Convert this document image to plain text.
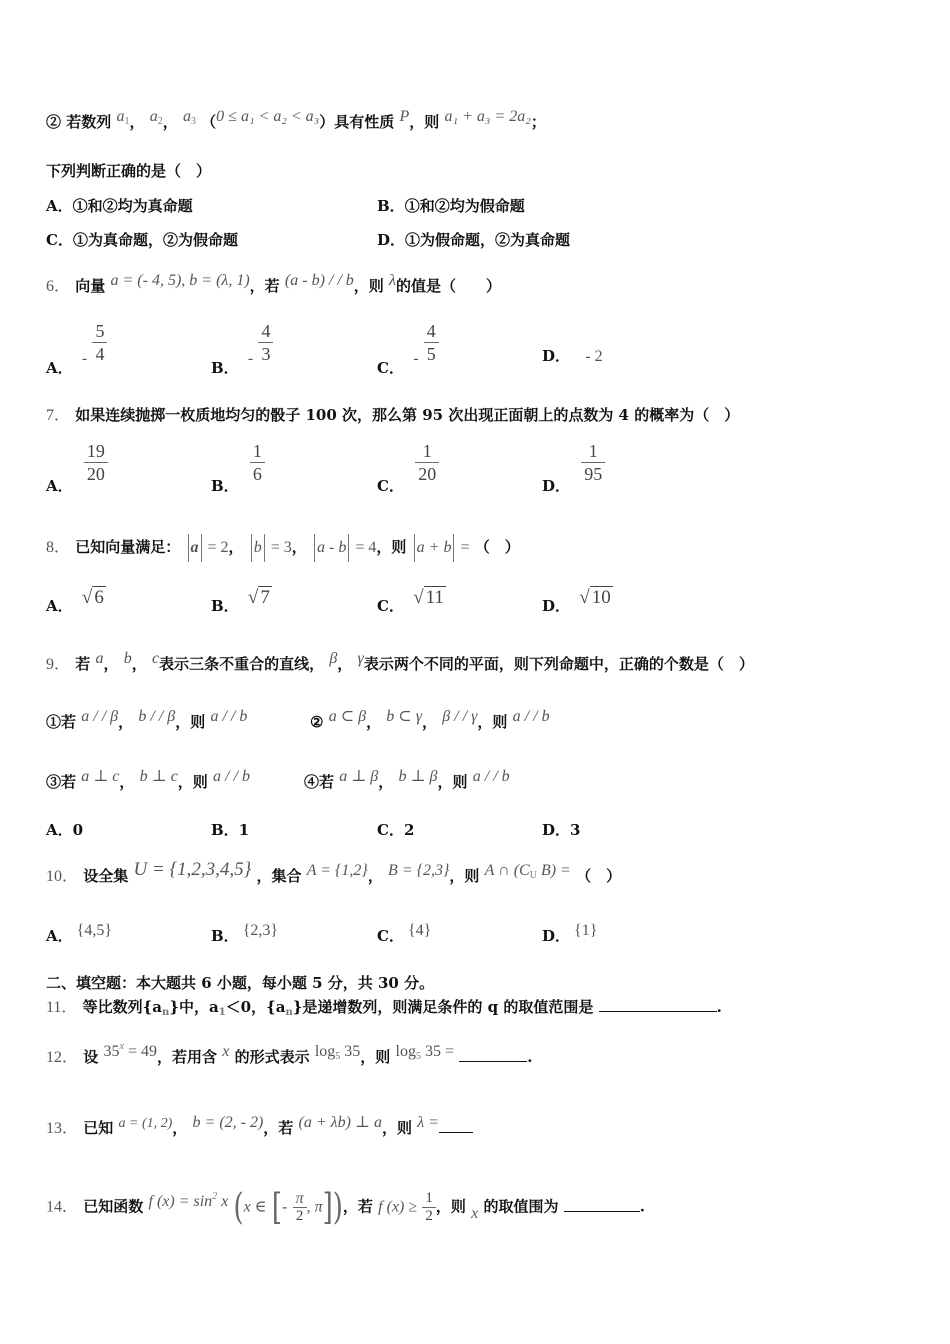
② 若数列 $a_1$， $a_2$， $a_3$ （0 ≤ a₁ < a₂ < a₃）具有性质 P，则 a₁ + a₃ = 2a₂；
下列判断正确的是（　）
A．①和②均为真命题	B．①和②均为假命题
C．①为真命题，②为假命题	D．①为假命题，②为真命题
6． 向量 a = (- 4, 5), b = (λ, 1)，若 (a - b) / / b，则 λ的值是（　　）
A． - $\frac{5}{4}$
B． - $\frac{4}{3}$
C． - $\frac{4}{5}$	D． - 2
7． 如果连续抛掷一枚质地均匀的骰子 100 次，那么第 95 次出现正面朝上的点数为 4 的概率为（　）
A．
$\frac{19}{20}$
B．
$\frac{1}{6}$
C．
$\frac{1}{20}$
D．
$\frac{1}{95}$
8． 已知向量满足： a = 2， b = 3， a - b = 4，则 a + b = （　）
A． √ 6	B． √ 7	C． √ 11	D． √ 10
9． 若 a， b， c表示三条不重合的直线， β， γ表示两个不同的平面，则下列命题中，正确的个数是（　）
①若 a / / β， b / / β，则 a / / b	② a ⊂ β， b ⊂ γ， β / / γ，则 a / / b
③若 a ⊥ c， b ⊥ c，则 a / / b	④若 a ⊥ β， b ⊥ β，则 a / / b
A．0	B．1	C．2	D．3
10． 设全集 U = {1,2,3,4,5} ，集合 A = {1,2}， B = {2,3}，则 A ∩ ($C_U$ B) = （　）
A． {4,5}	B． {2,3}	C． {4}	D． {1}
二、填空题：本大题共 6 小题，每小题 5 分，共 30 分。
11． 等比数列$\{a_n\}$中，$a_1<0$，$\{a_n\}$是递增数列，则满足条件的 q 的取值范围是	.
12． 设 $35^x = 49$，若用含 x 的形式表示 $\log_5 35$，则 $\log_5 35$ =	.
13． 已知 a = (1, 2)， b = (2, - 2)，若 (a + λb) ⊥ a，则 λ =
14． 已知函数 f $(x) = \sin^2 x$ (x ∈ [- $\frac{\pi}{2}$ , π])，若 f $(x) \ge \frac{1}{2}$ ，则 x 的取值围为	.
